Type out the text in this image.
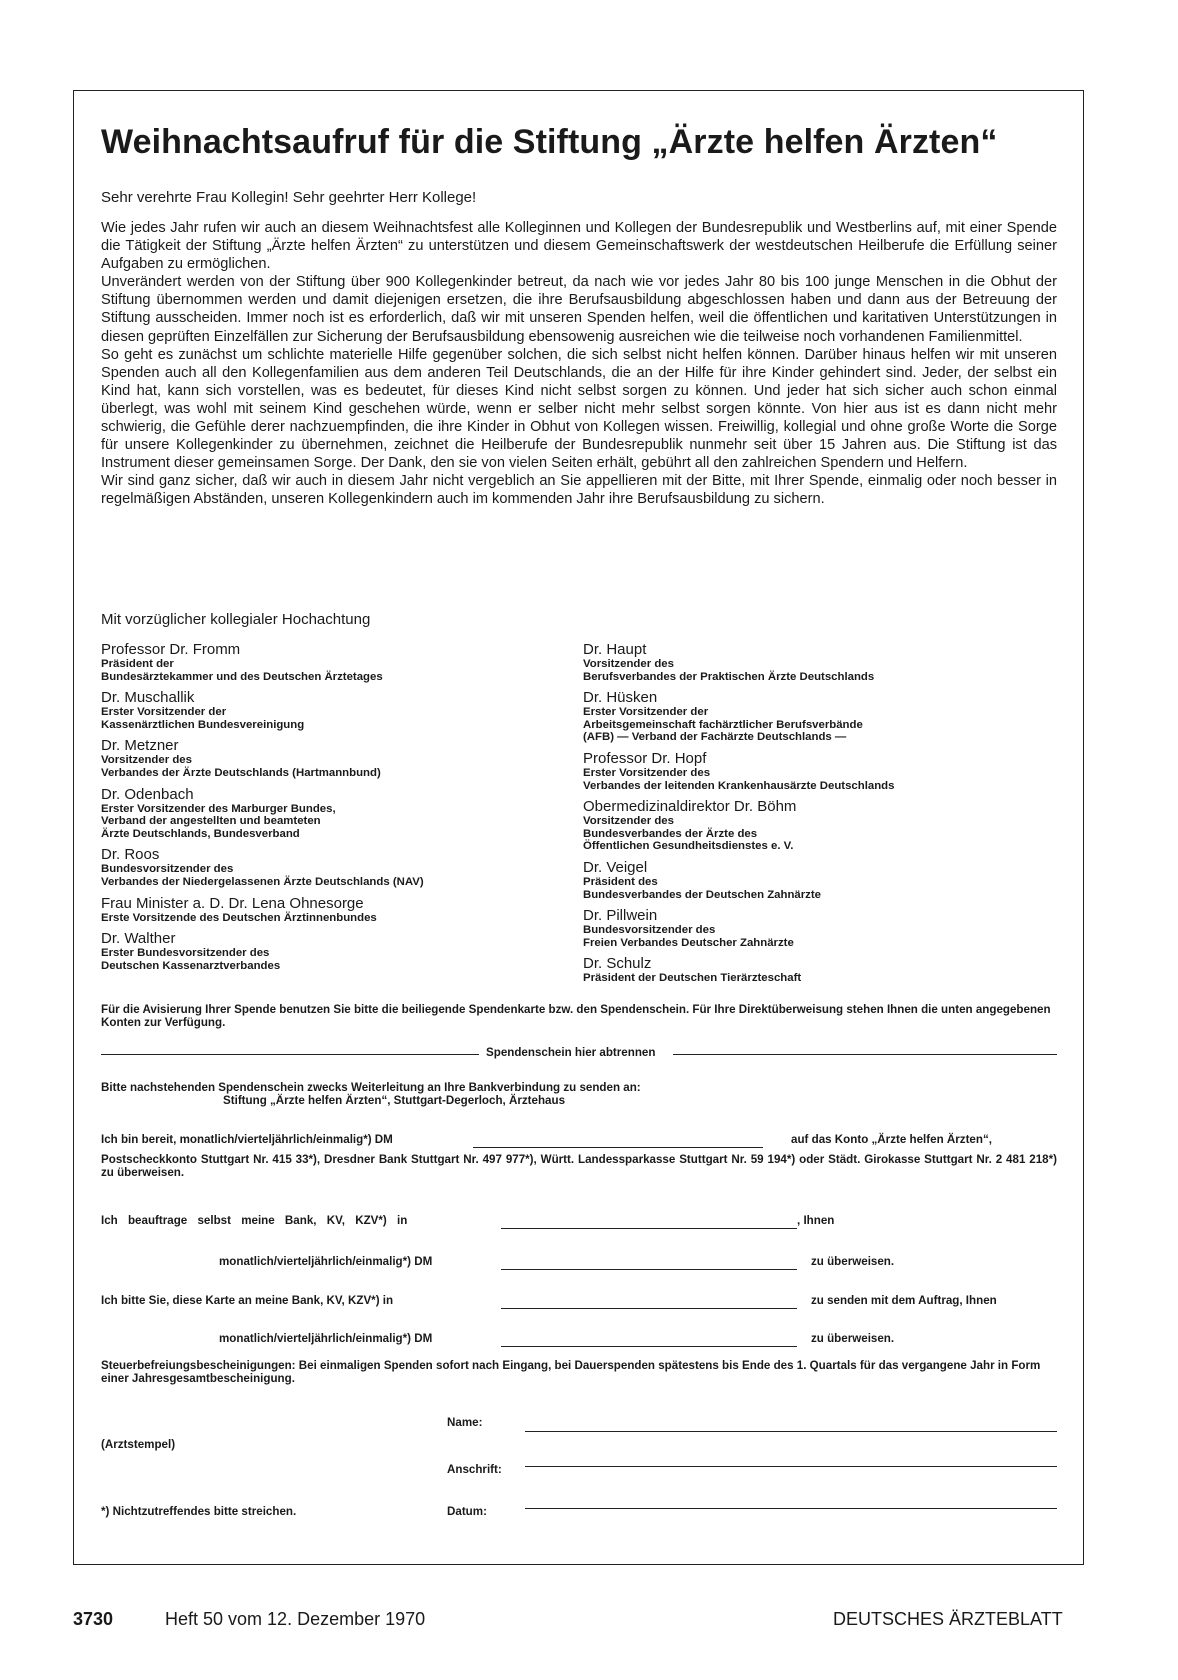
Weihnachtsaufruf für die Stiftung „Ärzte helfen Ärzten“
Sehr verehrte Frau Kollegin! Sehr geehrter Herr Kollege!

Wie jedes Jahr rufen wir auch an diesem Weihnachtsfest alle Kolleginnen und Kollegen der Bundesrepublik und Westberlins auf, mit einer Spende die Tätigkeit der Stiftung „Ärzte helfen Ärzten“ zu unterstützen und diesem Gemeinschaftswerk der westdeutschen Heilberufe die Erfüllung seiner Aufgaben zu ermöglichen.

Unverändert werden von der Stiftung über 900 Kollegenkinder betreut, da nach wie vor jedes Jahr 80 bis 100 junge Menschen in die Obhut der Stiftung übernommen werden und damit diejenigen ersetzen, die ihre Berufsausbildung abgeschlossen haben und dann aus der Betreuung der Stiftung ausscheiden. Immer noch ist es erforderlich, daß wir mit unseren Spenden helfen, weil die öffentlichen und karitativen Unterstützungen in diesen geprüften Einzelfällen zur Sicherung der Berufsausbildung ebensowenig ausreichen wie die teilweise noch vorhandenen Familienmittel.

So geht es zunächst um schlichte materielle Hilfe gegenüber solchen, die sich selbst nicht helfen können. Darüber hinaus helfen wir mit unseren Spenden auch all den Kollegenfamilien aus dem anderen Teil Deutschlands, die an der Hilfe für ihre Kinder gehindert sind. Jeder, der selbst ein Kind hat, kann sich vorstellen, was es bedeutet, für dieses Kind nicht selbst sorgen zu können. Und jeder hat sich sicher auch schon einmal überlegt, was wohl mit seinem Kind geschehen würde, wenn er selber nicht mehr selbst sorgen könnte. Von hier aus ist es dann nicht mehr schwierig, die Gefühle derer nachzuempfinden, die ihre Kinder in Obhut von Kollegen wissen. Freiwillig, kollegial und ohne große Worte die Sorge für unsere Kollegenkinder zu übernehmen, zeichnet die Heilberufe der Bundesrepublik nunmehr seit über 15 Jahren aus. Die Stiftung ist das Instrument dieser gemeinsamen Sorge. Der Dank, den sie von vielen Seiten erhält, gebührt all den zahlreichen Spendern und Helfern.

Wir sind ganz sicher, daß wir auch in diesem Jahr nicht vergeblich an Sie appellieren mit der Bitte, mit Ihrer Spende, einmalig oder noch besser in regelmäßigen Abständen, unseren Kollegenkindern auch im kommenden Jahr ihre Berufsausbildung zu sichern.

Mit vorzüglicher kollegialer Hochachtung
Professor Dr. Fromm
Präsident der
Bundesärztekammer und des Deutschen Ärztetages
Dr. Muschallik
Erster Vorsitzender der
Kassenärztlichen Bundesvereinigung
Dr. Metzner
Vorsitzender des
Verbandes der Ärzte Deutschlands (Hartmannbund)
Dr. Odenbach
Erster Vorsitzender des Marburger Bundes,
Verband der angestellten und beamteten
Ärzte Deutschlands, Bundesverband
Dr. Roos
Bundesvorsitzender des
Verbandes der Niedergelassenen Ärzte Deutschlands (NAV)
Frau Minister a. D. Dr. Lena Ohnesorge
Erste Vorsitzende des Deutschen Ärztinnenbundes
Dr. Walther
Erster Bundesvorsitzender des
Deutschen Kassenarztverbandes
Dr. Haupt
Vorsitzender des
Berufsverbandes der Praktischen Ärzte Deutschlands
Dr. Hüsken
Erster Vorsitzender der
Arbeitsgemeinschaft fachärztlicher Berufsverbände
(AFB) — Verband der Fachärzte Deutschlands —
Professor Dr. Hopf
Erster Vorsitzender des
Verbandes der leitenden Krankenhausärzte Deutschlands
Obermedizinaldirektor Dr. Böhm
Vorsitzender des
Bundesverbandes der Ärzte des
Öffentlichen Gesundheitsdienstes e. V.
Dr. Veigel
Präsident des
Bundesverbandes der Deutschen Zahnärzte
Dr. Pillwein
Bundesvorsitzender des
Freien Verbandes Deutscher Zahnärzte
Dr. Schulz
Präsident der Deutschen Tierärzteschaft
Für die Avisierung Ihrer Spende benutzen Sie bitte die beiliegende Spendenkarte bzw. den Spendenschein. Für Ihre Direktüberweisung stehen Ihnen die unten angegebenen Konten zur Verfügung.
Spendenschein hier abtrennen
Bitte nachstehenden Spendenschein zwecks Weiterleitung an Ihre Bankverbindung zu senden an:
Stiftung „Ärzte helfen Ärzten“, Stuttgart-Degerloch, Ärztehaus
Ich bin bereit, monatlich/vierteljährlich/einmalig*) DM	auf das Konto „Ärzte helfen Ärzten“,
Postscheckkonto Stuttgart Nr. 415 33*), Dresdner Bank Stuttgart Nr. 497 977*), Württ. Landessparkasse Stuttgart Nr. 59 194*) oder Städt. Girokasse Stuttgart Nr. 2 481 218*) zu überweisen.
Ich beauftrage selbst meine Bank, KV, KZV*) in	, Ihnen
monatlich/vierteljährlich/einmalig*) DM	zu überweisen.
Ich bitte Sie, diese Karte an meine Bank, KV, KZV*) in	zu senden mit dem Auftrag, Ihnen
monatlich/vierteljährlich/einmalig*) DM	zu überweisen.
Steuerbefreiungsbescheinigungen: Bei einmaligen Spenden sofort nach Eingang, bei Dauerspenden spätestens bis Ende des 1. Quartals für das vergangene Jahr in Form einer Jahresgesamtbescheinigung.
Name:
(Arztstempel)
Anschrift:
*) Nichtzutreffendes bitte streichen.	Datum:
3730	Heft 50 vom 12. Dezember 1970	DEUTSCHES ÄRZTEBLATT
